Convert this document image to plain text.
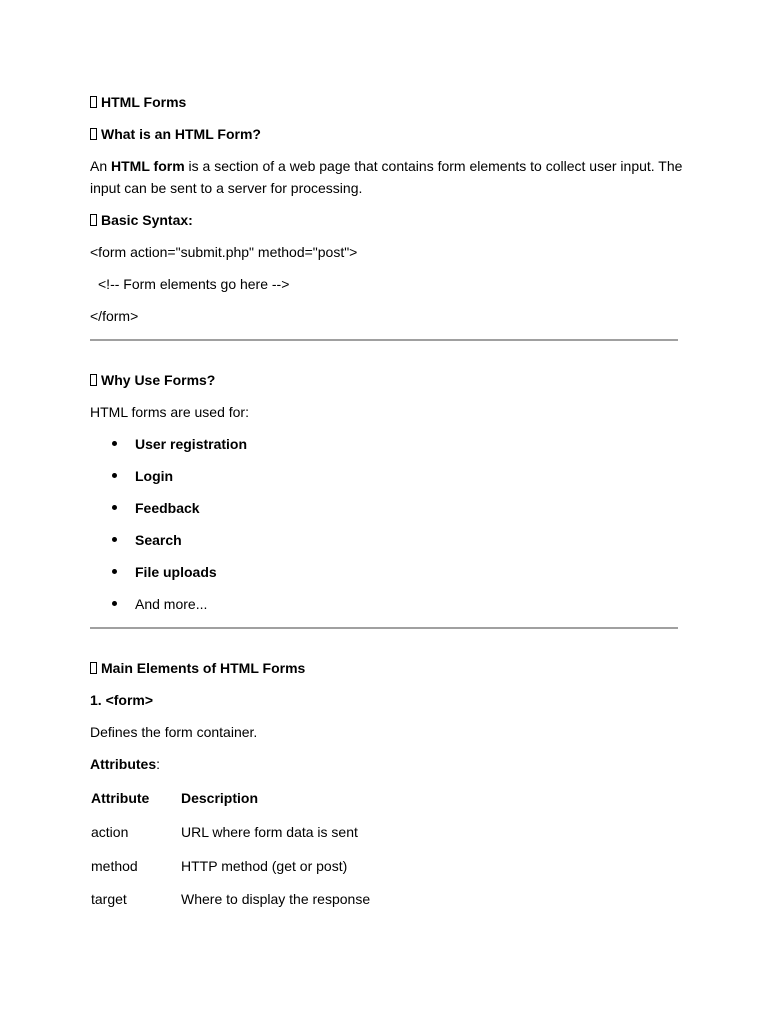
HTML Forms
What is an HTML Form?
An HTML form is a section of a web page that contains form elements to collect user input. The
input can be sent to a server for processing.
Basic Syntax:
<form action="submit.php" method="post">
<!-- Form elements go here -->
</form>
Why Use Forms?
HTML forms are used for:
User registration
Login
Feedback
Search
File uploads
And more...
Main Elements of HTML Forms
1. <form>
Defines the form container.
Attributes:
Attribute Description
action	URL where form data is sent
method	HTTP method (get or post)
target	Where to display the response
